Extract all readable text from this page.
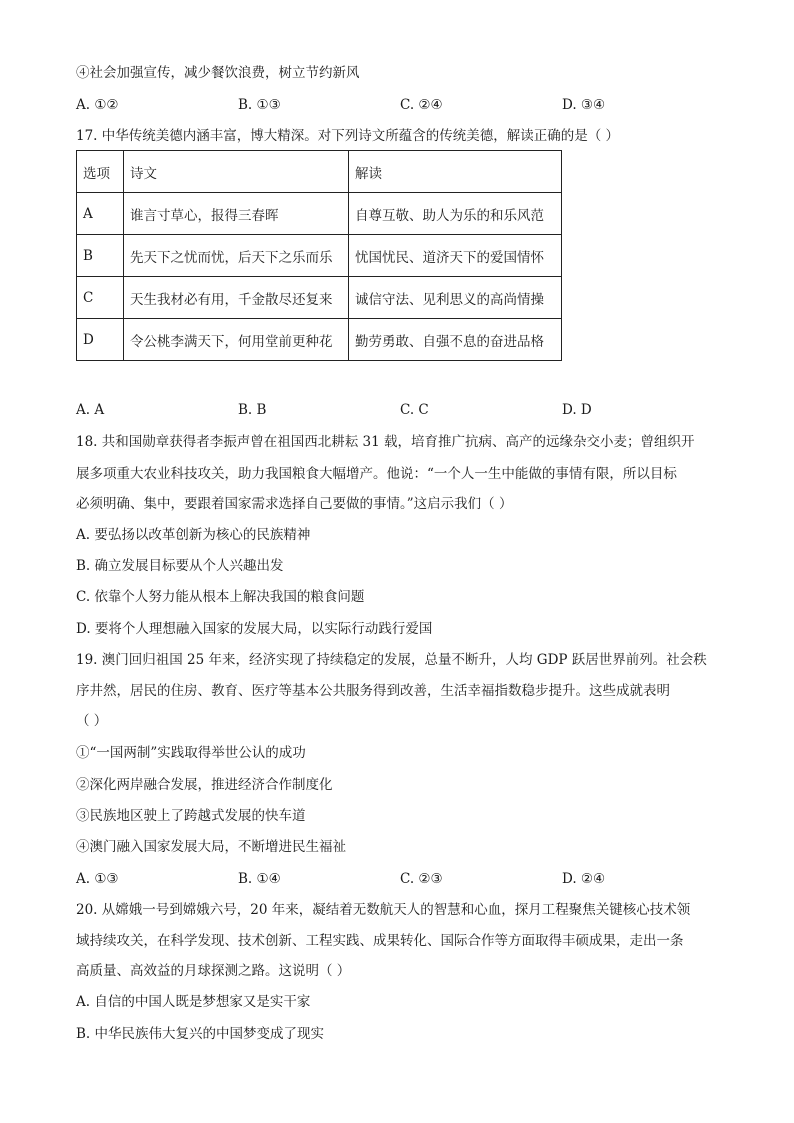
④社会加强宣传，减少餐饮浪费，树立节约新风
A. ①②	B. ①③	C. ②④	D. ③④
17. 中华传统美德内涵丰富，博大精深。对下列诗文所蕴含的传统美德，解读正确的是（ ）
选项	诗文	解读
A	谁言寸草心，报得三春晖	自尊互敬、助人为乐的和乐风范
B	先天下之忧而忧，后天下之乐而乐	忧国忧民、道济天下的爱国情怀
C	天生我材必有用，千金散尽还复来	诚信守法、见利思义的高尚情操
D	令公桃李满天下，何用堂前更种花	勤劳勇敢、自强不息的奋进品格
A. A	B. B	C. C	D. D
18. 共和国勋章获得者李振声曾在祖国西北耕耘 31 载，培育推广抗病、高产的远缘杂交小麦；曾组织开
展多项重大农业科技攻关，助力我国粮食大幅增产。他说：“一个人一生中能做的事情有限，所以目标
必须明确、集中，要跟着国家需求选择自己要做的事情。”这启示我们（ ）
A. 要弘扬以改革创新为核心的民族精神
B. 确立发展目标要从个人兴趣出发
C. 依靠个人努力能从根本上解决我国的粮食问题
D. 要将个人理想融入国家的发展大局，以实际行动践行爱国
19. 澳门回归祖国 25 年来，经济实现了持续稳定的发展，总量不断升，人均 GDP 跃居世界前列。社会秩
序井然，居民的住房、教育、医疗等基本公共服务得到改善，生活幸福指数稳步提升。这些成就表明
（ ）
①“一国两制”实践取得举世公认的成功
②深化两岸融合发展，推进经济合作制度化
③民族地区驶上了跨越式发展的快车道
④澳门融入国家发展大局，不断增进民生福祉
A. ①③	B. ①④	C. ②③	D. ②④
20. 从嫦娥一号到嫦娥六号，20 年来，凝结着无数航天人的智慧和心血，探月工程聚焦关键核心技术领
域持续攻关，在科学发现、技术创新、工程实践、成果转化、国际合作等方面取得丰硕成果，走出一条
高质量、高效益的月球探测之路。这说明（ ）
A. 自信的中国人既是梦想家又是实干家
B. 中华民族伟大复兴的中国梦变成了现实
